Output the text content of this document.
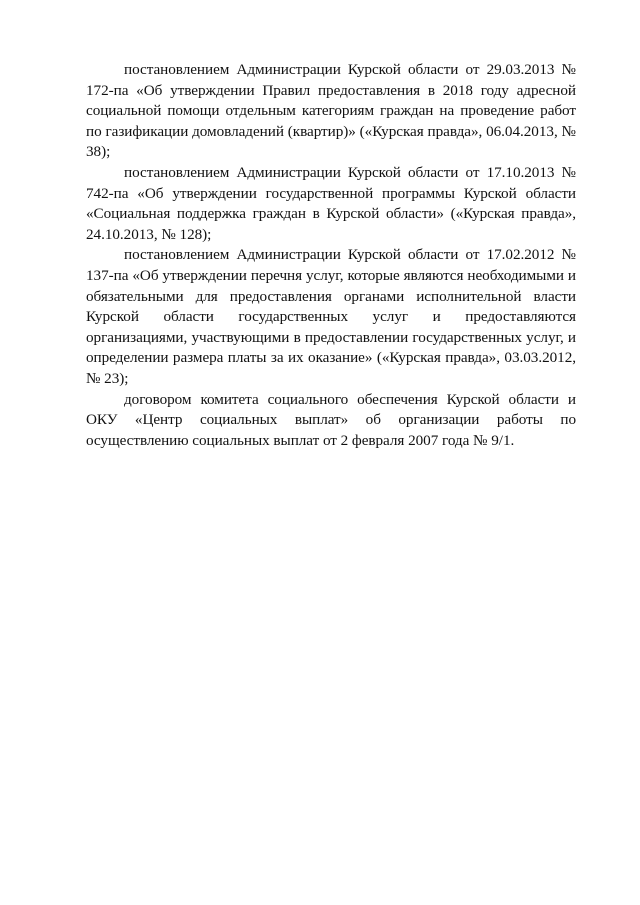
постановлением Администрации Курской области от 29.03.2013 № 172-па «Об утверждении Правил предоставления в 2018 году адресной социальной помощи отдельным категориям граждан на проведение работ по газификации домовладений (квартир)» («Курская правда», 06.04.2013, № 38);

постановлением Администрации Курской области от 17.10.2013 № 742-па «Об утверждении государственной программы Курской области «Социальная поддержка граждан в Курской области» («Курская правда», 24.10.2013, № 128);

постановлением Администрации Курской области от 17.02.2012 № 137-па «Об утверждении перечня услуг, которые являются необходимыми и обязательными для предоставления органами исполнительной власти Курской области государственных услуг и предоставляются организациями, участвующими в предоставлении государственных услуг, и определении размера платы за их оказание» («Курская правда», 03.03.2012, № 23);

договором комитета социального обеспечения Курской области и ОКУ «Центр социальных выплат» об организации работы по осуществлению социальных выплат от 2 февраля 2007 года № 9/1.
